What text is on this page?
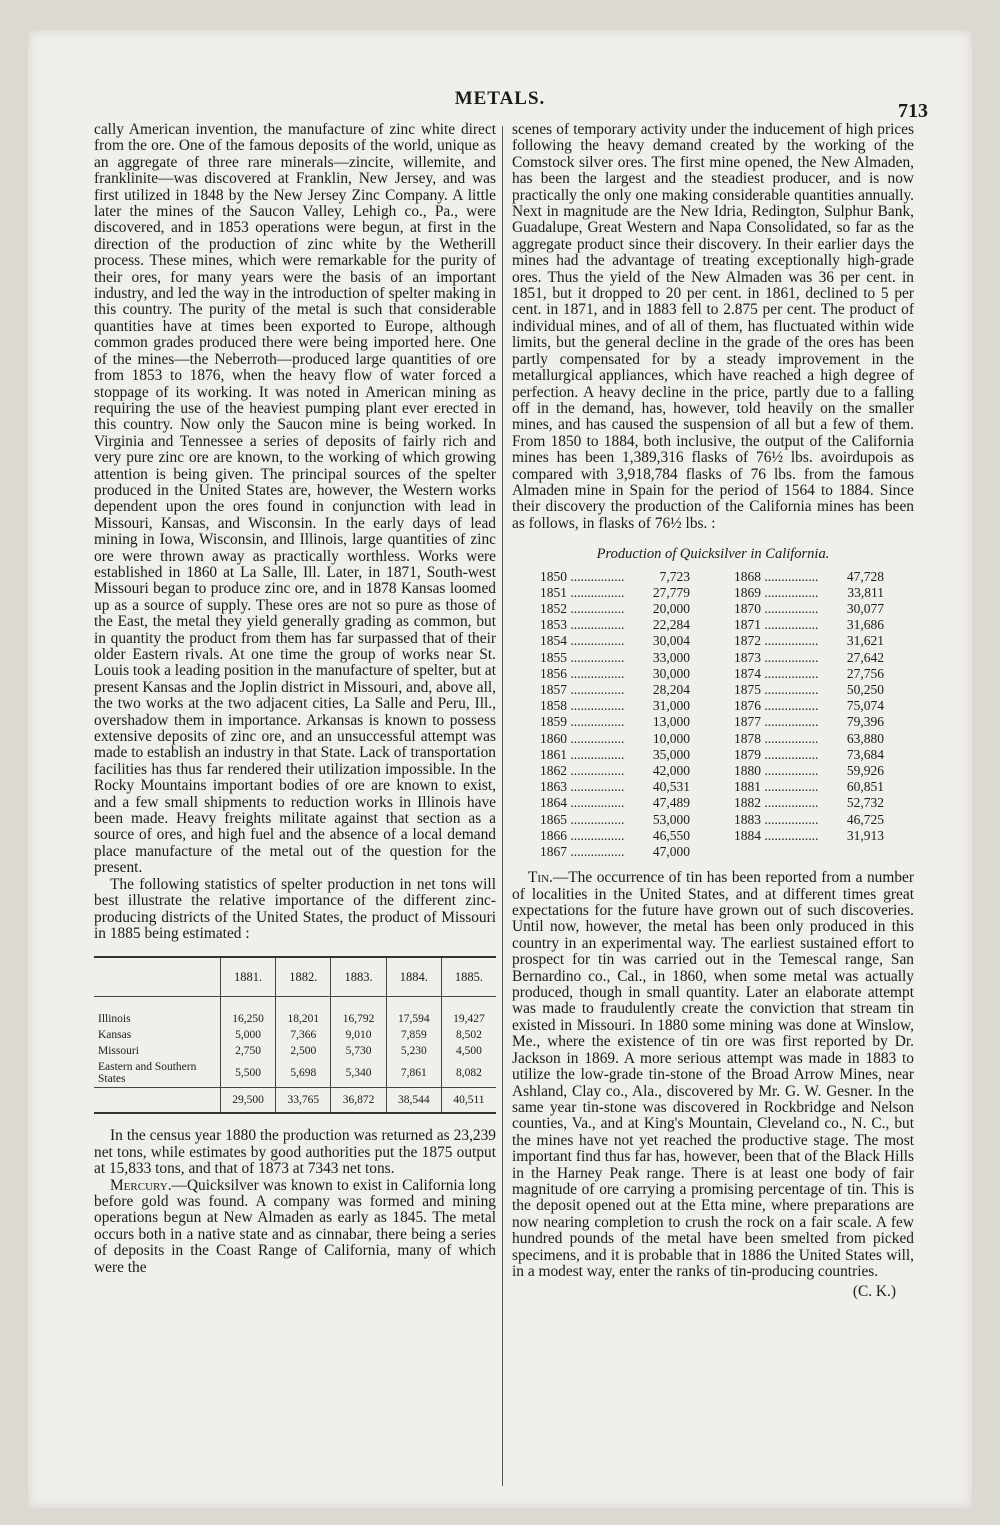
METALS.
713

cally American invention, the manufacture of zinc white direct from the ore. One of the famous deposits of the world, unique as an aggregate of three rare minerals—zincite, willemite, and franklinite—was discovered at Franklin, New Jersey, and was first utilized in 1848 by the New Jersey Zinc Company. A little later the mines of the Saucon Valley, Lehigh co., Pa., were discovered, and in 1853 operations were begun, at first in the direction of the production of zinc white by the Wetherill process. These mines, which were remarkable for the purity of their ores, for many years were the basis of an important industry, and led the way in the introduction of spelter making in this country. The purity of the metal is such that considerable quantities have at times been exported to Europe, although common grades produced there were being imported here. One of the mines—the Neberroth—produced large quantities of ore from 1853 to 1876, when the heavy flow of water forced a stoppage of its working. It was noted in American mining as requiring the use of the heaviest pumping plant ever erected in this country. Now only the Saucon mine is being worked. In Virginia and Tennessee a series of deposits of fairly rich and very pure zinc ore are known, to the working of which growing attention is being given. The principal sources of the spelter produced in the United States are, however, the Western works dependent upon the ores found in conjunction with lead in Missouri, Kansas, and Wisconsin. In the early days of lead mining in Iowa, Wisconsin, and Illinois, large quantities of zinc ore were thrown away as practically worthless. Works were established in 1860 at La Salle, Ill. Later, in 1871, South-west Missouri began to produce zinc ore, and in 1878 Kansas loomed up as a source of supply. These ores are not so pure as those of the East, the metal they yield generally grading as common, but in quantity the product from them has far surpassed that of their older Eastern rivals. At one time the group of works near St. Louis took a leading position in the manufacture of spelter, but at present Kansas and the Joplin district in Missouri, and, above all, the two works at the two adjacent cities, La Salle and Peru, Ill., overshadow them in importance. Arkansas is known to possess extensive deposits of zinc ore, and an unsuccessful attempt was made to establish an industry in that State. Lack of transportation facilities has thus far rendered their utilization impossible. In the Rocky Mountains important bodies of ore are known to exist, and a few small shipments to reduction works in Illinois have been made. Heavy freights militate against that section as a source of ores, and high fuel and the absence of a local demand place manufacture of the metal out of the question for the present.

The following statistics of spelter production in net tons will best illustrate the relative importance of the different zinc-producing districts of the United States, the product of Missouri in 1885 being estimated :

	1881.	1882.	1883.	1884.	1885.

Illinois	16,250	18,201	16,792	17,594	19,427
Kansas	5,000	7,366	9,010	7,859	8,502
Missouri	2,750	2,500	5,730	5,230	4,500
Eastern and Southern States	5,500	5,698	5,340	7,861	8,082
	29,500	33,765	36,872	38,544	40,511

In the census year 1880 the production was returned as 23,239 net tons, while estimates by good authorities put the 1875 output at 15,833 tons, and that of 1873 at 7343 net tons.

Mercury.—Quicksilver was known to exist in California long before gold was found. A company was formed and mining operations begun at New Almaden as early as 1845. The metal occurs both in a native state and as cinnabar, there being a series of deposits in the Coast Range of California, many of which were the

scenes of temporary activity under the inducement of high prices following the heavy demand created by the working of the Comstock silver ores. The first mine opened, the New Almaden, has been the largest and the steadiest producer, and is now practically the only one making considerable quantities annually. Next in magnitude are the New Idria, Redington, Sulphur Bank, Guadalupe, Great Western and Napa Consolidated, so far as the aggregate product since their discovery. In their earlier days the mines had the advantage of treating exceptionally high-grade ores. Thus the yield of the New Almaden was 36 per cent. in 1851, but it dropped to 20 per cent. in 1861, declined to 5 per cent. in 1871, and in 1883 fell to 2.875 per cent. The product of individual mines, and of all of them, has fluctuated within wide limits, but the general decline in the grade of the ores has been partly compensated for by a steady improvement in the metallurgical appliances, which have reached a high degree of perfection. A heavy decline in the price, partly due to a falling off in the demand, has, however, told heavily on the smaller mines, and has caused the suspension of all but a few of them. From 1850 to 1884, both inclusive, the output of the California mines has been 1,389,316 flasks of 76½ lbs. avoirdupois as compared with 3,918,784 flasks of 76 lbs. from the famous Almaden mine in Spain for the period of 1564 to 1884. Since their discovery the production of the California mines has been as follows, in flasks of 76½ lbs. :

Production of Quicksilver in California.
1850 .....	7,723
1851 .....	27,779
1852 .....	20,000
1853 .....	22,284
1854 .....	30,004
1855 .....	33,000
1856 .....	30,000
1857 .....	28,204
1858 .....	31,000
1859 .....	13,000
1860 .....	10,000
1861 .....	35,000
1862 .....	42,000
1863 .....	40,531
1864 .....	47,489
1865 .....	53,000
1866 .....	46,550
1867 .....	47,000
1868 .....	47,728
1869 .....	33,811
1870 .....	30,077
1871 .....	31,686
1872 .....	31,621
1873 .....	27,642
1874 .....	27,756
1875 .....	50,250
1876 .....	75,074
1877 .....	79,396
1878 .....	63,880
1879 .....	73,684
1880 .....	59,926
1881 .....	60,851
1882 .....	52,732
1883 .....	46,725
1884 .....	31,913

Tin.—The occurrence of tin has been reported from a number of localities in the United States, and at different times great expectations for the future have grown out of such discoveries. Until now, however, the metal has been only produced in this country in an experimental way. The earliest sustained effort to prospect for tin was carried out in the Temescal range, San Bernardino co., Cal., in 1860, when some metal was actually produced, though in small quantity. Later an elaborate attempt was made to fraudulently create the conviction that stream tin existed in Missouri. In 1880 some mining was done at Winslow, Me., where the existence of tin ore was first reported by Dr. Jackson in 1869. A more serious attempt was made in 1883 to utilize the low-grade tin-stone of the Broad Arrow Mines, near Ashland, Clay co., Ala., discovered by Mr. G. W. Gesner. In the same year tin-stone was discovered in Rockbridge and Nelson counties, Va., and at King's Mountain, Cleveland co., N. C., but the mines have not yet reached the productive stage. The most important find thus far has, however, been that of the Black Hills in the Harney Peak range. There is at least one body of fair magnitude of ore carrying a promising percentage of tin. This is the deposit opened out at the Etta mine, where preparations are now nearing completion to crush the rock on a fair scale. A few hundred pounds of the metal have been smelted from picked specimens, and it is probable that in 1886 the United States will, in a modest way, enter the ranks of tin-producing countries.

(C. K.)
